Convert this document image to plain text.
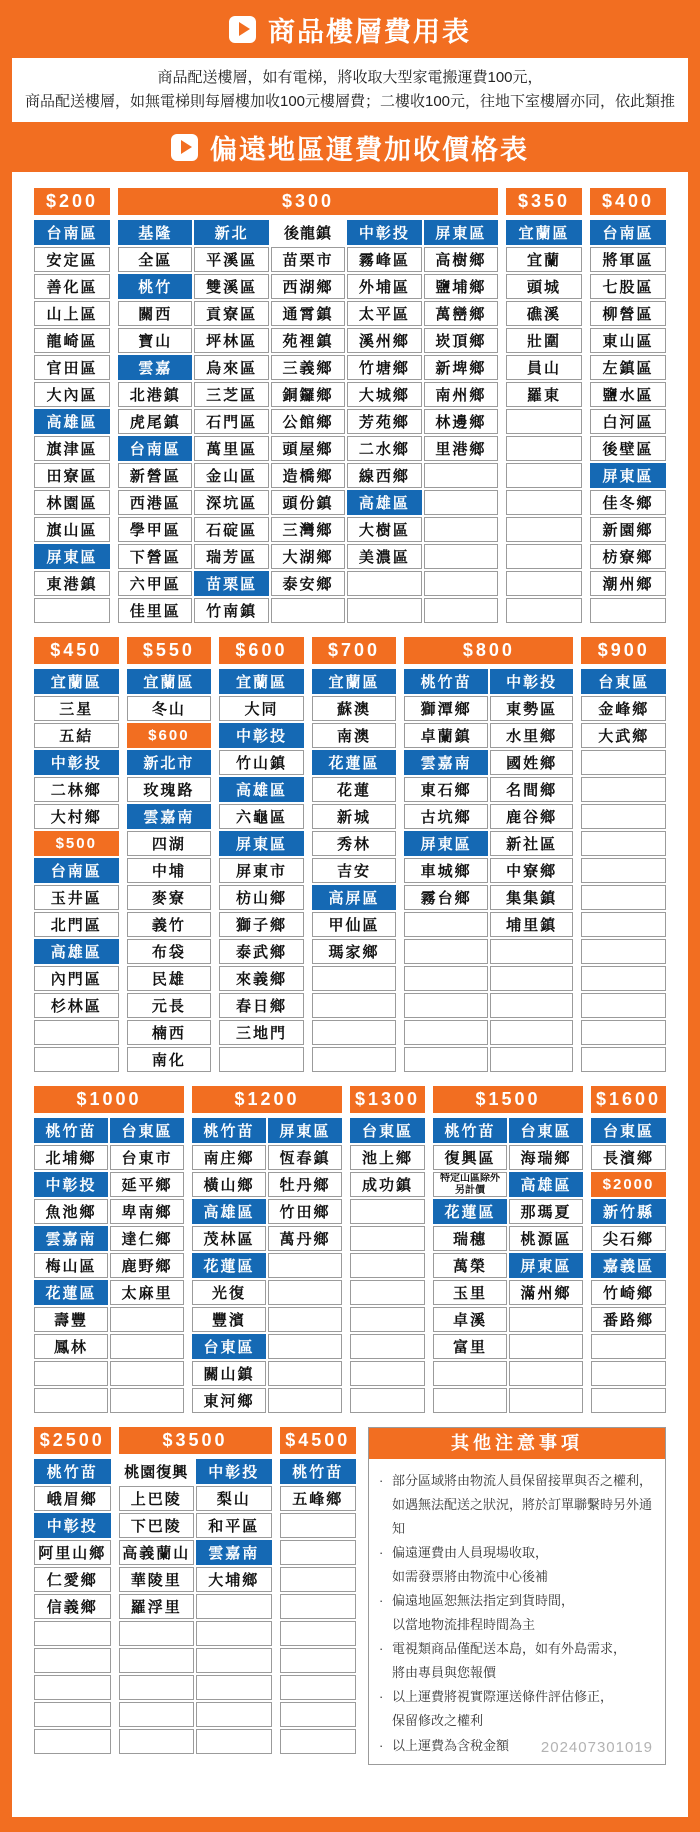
商品樓層費用表
商品配送樓層，如有電梯，將收取大型家電搬運費100元，
商品配送樓層，如無電梯則每層樓加收100元樓層費；二樓收100元，往地下室樓層亦同，依此類推
偏遠地區運費加收價格表
$200
台南區
安定區
善化區
山上區
龍崎區
官田區
大內區
高雄區
旗津區
田寮區
林園區
旗山區
屏東區
東港鎮
$300
基隆
全區
桃竹
關西
寶山
雲嘉
北港鎮
虎尾鎮
台南區
新營區
西港區
學甲區
下營區
六甲區
佳里區
新北
平溪區
雙溪區
貢寮區
坪林區
烏來區
三芝區
石門區
萬里區
金山區
深坑區
石碇區
瑞芳區
苗栗區
竹南鎮
後龍鎮
苗栗市
西湖鄉
通霄鎮
苑裡鎮
三義鄉
銅鑼鄉
公館鄉
頭屋鄉
造橋鄉
頭份鎮
三灣鄉
大湖鄉
泰安鄉
中彰投
霧峰區
外埔區
太平區
溪州鄉
竹塘鄉
大城鄉
芳苑鄉
二水鄉
線西鄉
高雄區
大樹區
美濃區
屏東區
高樹鄉
鹽埔鄉
萬巒鄉
崁頂鄉
新埤鄉
南州鄉
林邊鄉
里港鄉
$350
宜蘭區
宜蘭
頭城
礁溪
壯圍
員山
羅東
$400
台南區
將軍區
七股區
柳營區
東山區
左鎮區
鹽水區
白河區
後壁區
屏東區
佳冬鄉
新園鄉
枋寮鄉
潮州鄉
$450
宜蘭區
三星
五結
中彰投
二林鄉
大村鄉
$500
台南區
玉井區
北門區
高雄區
內門區
杉林區
$550
宜蘭區
冬山
$600
新北市
玫瑰路
雲嘉南
四湖
中埔
麥寮
義竹
布袋
民雄
元長
楠西
南化
$600
宜蘭區
大同
中彰投
竹山鎮
高雄區
六龜區
屏東區
屏東市
枋山鄉
獅子鄉
泰武鄉
來義鄉
春日鄉
三地門
$700
宜蘭區
蘇澳
南澳
花蓮區
花蓮
新城
秀林
吉安
高屏區
甲仙區
瑪家鄉
$800
桃竹苗
獅潭鄉
卓蘭鎮
雲嘉南
東石鄉
古坑鄉
屏東區
車城鄉
霧台鄉
中彰投
東勢區
水里鄉
國姓鄉
名間鄉
鹿谷鄉
新社區
中寮鄉
集集鎮
埔里鎮
$900
台東區
金峰鄉
大武鄉
$1000
桃竹苗
北埔鄉
中彰投
魚池鄉
雲嘉南
梅山區
花蓮區
壽豐
鳳林
台東區
台東市
延平鄉
卑南鄉
達仁鄉
鹿野鄉
太麻里
$1200
桃竹苗
南庄鄉
橫山鄉
高雄區
茂林區
花蓮區
光復
豐濱
台東區
關山鎮
東河鄉
屏東區
恆春鎮
牡丹鄉
竹田鄉
萬丹鄉
$1300
台東區
池上鄉
成功鎮
$1500
桃竹苗
復興區
特定山區除外 另計價
花蓮區
瑞穗
萬榮
玉里
卓溪
富里
台東區
海瑞鄉
高雄區
那瑪夏
桃源區
屏東區
滿州鄉
$1600
台東區
長濱鄉
$2000
新竹縣
尖石鄉
嘉義區
竹崎鄉
番路鄉
$2500
桃竹苗
峨眉鄉
中彰投
阿里山鄉
仁愛鄉
信義鄉
$3500
桃園復興
上巴陵
下巴陵
高義蘭山
華陵里
羅浮里
中彰投
梨山
和平區
雲嘉南
大埔鄉
$4500
桃竹苗
五峰鄉
其他注意事項
· 部分區域將由物流人員保留接單與否之權利，
如遇無法配送之狀況，將於訂單聯繫時另外通知
· 偏遠運費由人員現場收取，
如需發票將由物流中心後補
· 偏遠地區恕無法指定到貨時間，
以當地物流排程時間為主
· 電視類商品僅配送本島，如有外島需求，
將由專員與您報價
· 以上運費將視實際運送條件評估修正，
保留修改之權利
· 以上運費為含稅金額 202407301019
